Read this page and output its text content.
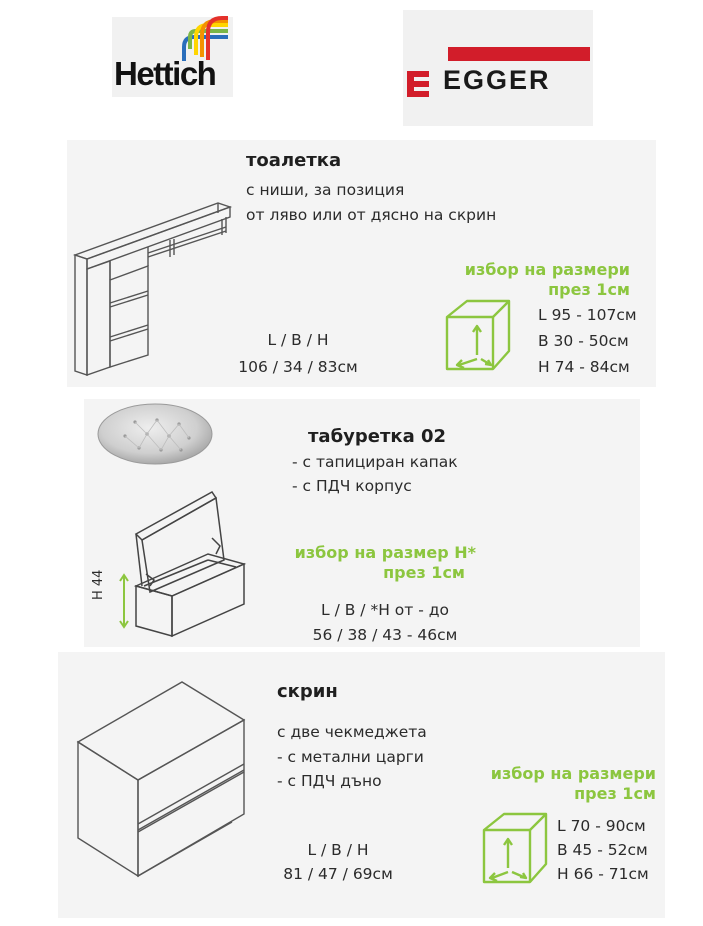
Hettich	EGGER
тоалетка
с ниши, за позиция
от ляво или от дясно на скрин
избор на размери
през 1см
L 95 - 107см
B 30 - 50см
H 74 - 84см
L / B / H
106 / 34 / 83см
H 44
табуретка 02
- с тапициран капак
- с ПДЧ корпус
избор на размер H*
през 1см
L / B / *H от - до
56 / 38 / 43 - 46см
скрин
с две чекмеджета
- с метални царги
- с ПДЧ дъно	избор на размери
през 1см
L 70 - 90см
B 45 - 52см
H 66 - 71см
L / B / H
81 / 47 / 69см
